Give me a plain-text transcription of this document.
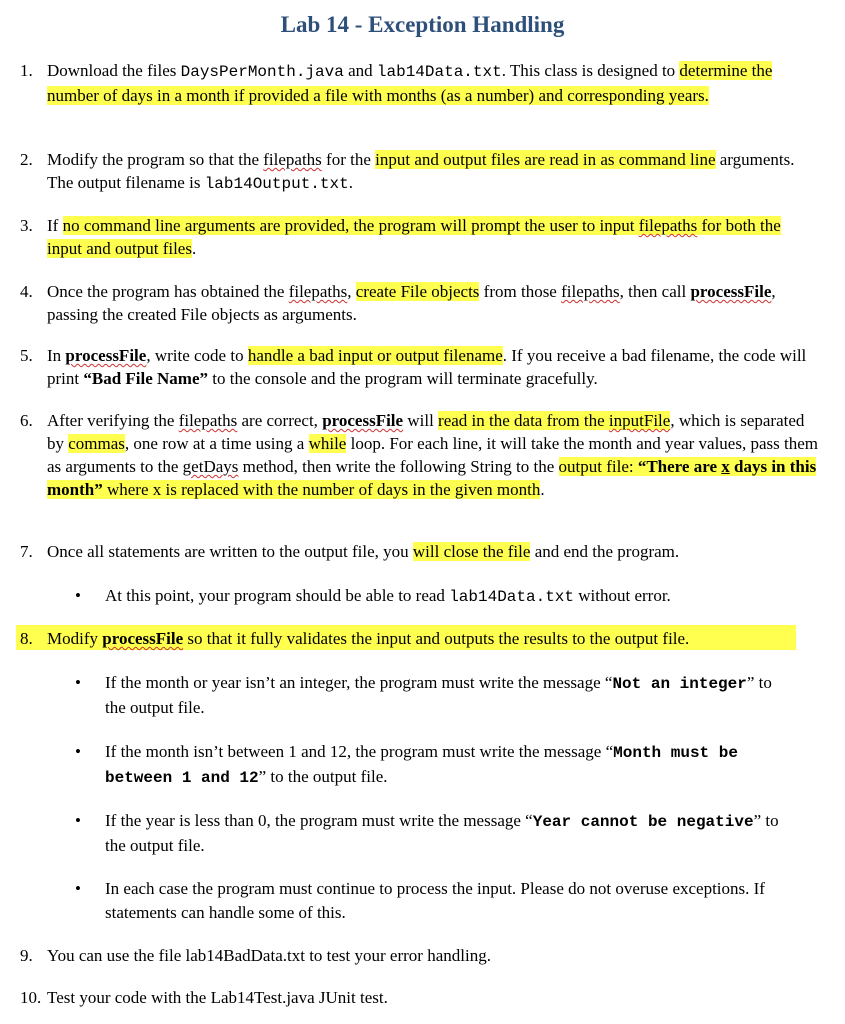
Lab 14 - Exception Handling
1. Download the files DaysPerMonth.java and lab14Data.txt. This class is designed to determine the number of days in a month if provided a file with months (as a number) and corresponding years.
2. Modify the program so that the filepaths for the input and output files are read in as command line arguments. The output filename is lab14Output.txt.
3. If no command line arguments are provided, the program will prompt the user to input filepaths for both the input and output files.
4. Once the program has obtained the filepaths, create File objects from those filepaths, then call processFile, passing the created File objects as arguments.
5. In processFile, write code to handle a bad input or output filename. If you receive a bad filename, the code will print “Bad File Name” to the console and the program will terminate gracefully.
6. After verifying the filepaths are correct, processFile will read in the data from the inputFile, which is separated by commas, one row at a time using a while loop. For each line, it will take the month and year values, pass them as arguments to the getDays method, then write the following String to the output file: “There are x days in this month” where x is replaced with the number of days in the given month.
7. Once all statements are written to the output file, you will close the file and end the program.
• At this point, your program should be able to read lab14Data.txt without error.
8. Modify processFile so that it fully validates the input and outputs the results to the output file.
• If the month or year isn’t an integer, the program must write the message “Not an integer” to the output file.
• If the month isn’t between 1 and 12, the program must write the message “Month must be between 1 and 12” to the output file.
• If the year is less than 0, the program must write the message “Year cannot be negative” to the output file.
• In each case the program must continue to process the input. Please do not overuse exceptions. If statements can handle some of this.
9. You can use the file lab14BadData.txt to test your error handling.
10. Test your code with the Lab14Test.java JUnit test.
